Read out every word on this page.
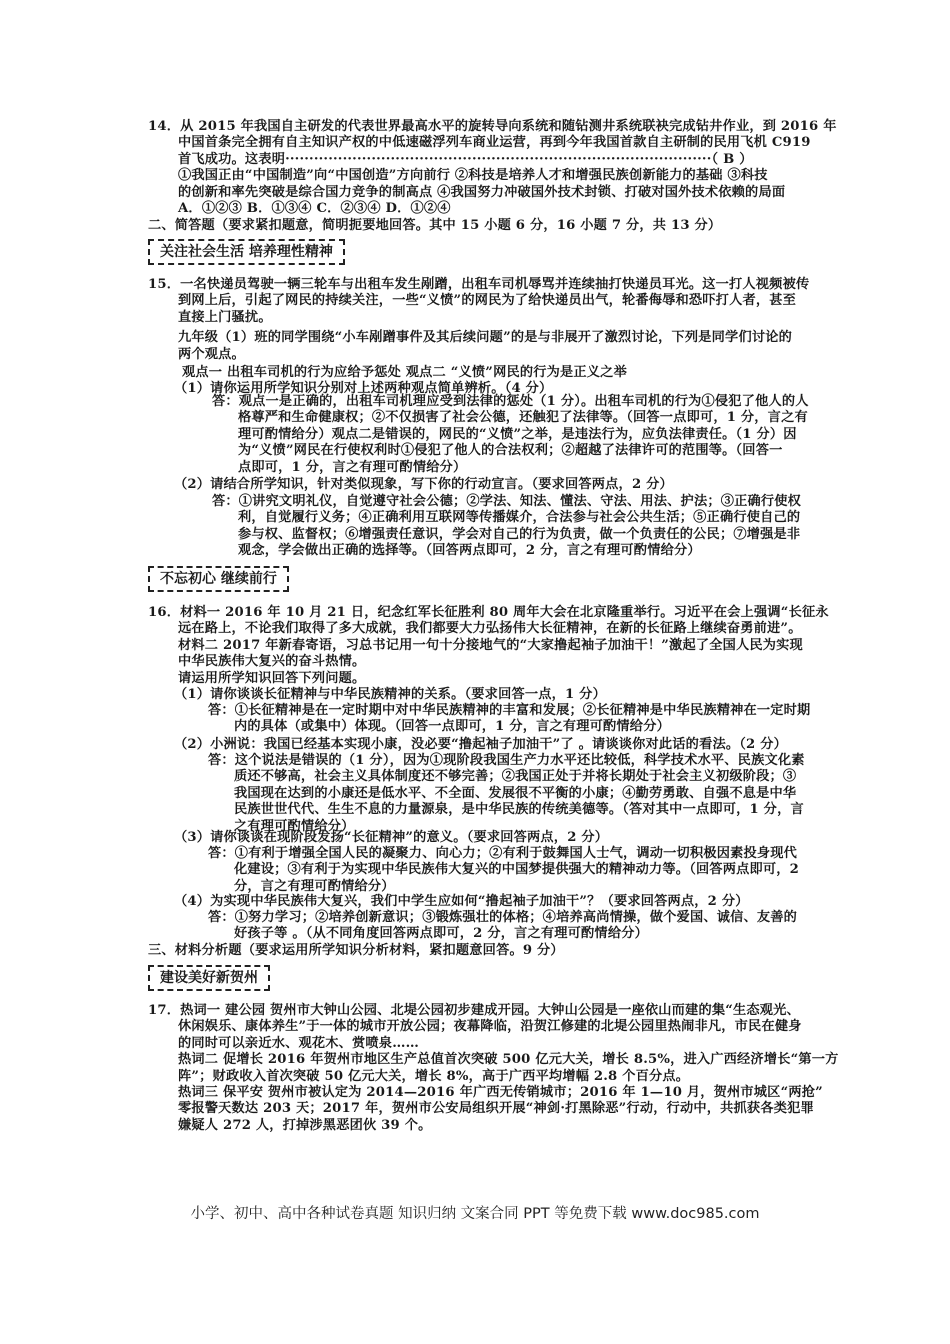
14．从 2015 年我国自主研发的代表世界最高水平的旋转导向系统和随钻测井系统联袂完成钻井作业，到 2016 年
中国首条完全拥有自主知识产权的中低速磁浮列车商业运营，再到今年我国首款自主研制的民用飞机 C919
首飞成功。这表明·························································································（ B ）
①我国正由“中国制造”向“中国创造”方向前行 ②科技是培养人才和增强民族创新能力的基础 ③科技
的创新和率先突破是综合国力竞争的制高点 ④我国努力冲破国外技术封锁、打破对国外技术依赖的局面
A．①②③ B．①③④ C．②③④ D．①②④
二、简答题（要求紧扣题意，简明扼要地回答。其中 15 小题 6 分，16 小题 7 分，共 13 分）
关注社会生活 培养理性精神
15．一名快递员驾驶一辆三轮车与出租车发生剐蹭，出租车司机辱骂并连续抽打快递员耳光。这一打人视频被传
到网上后，引起了网民的持续关注，一些“义愤”的网民为了给快递员出气，轮番侮辱和恐吓打人者，甚至
直接上门骚扰。
九年级（1）班的同学围绕“小车剐蹭事件及其后续问题”的是与非展开了激烈讨论，下列是同学们讨论的
两个观点。
观点一 出租车司机的行为应给予惩处 观点二 “义愤”网民的行为是正义之举
（1）请你运用所学知识分别对上述两种观点简单辨析。（4 分）
答：观点一是正确的，出租车司机理应受到法律的惩处（1 分）。出租车司机的行为①侵犯了他人的人
格尊严和生命健康权；②不仅损害了社会公德，还触犯了法律等。（回答一点即可，1 分，言之有
理可酌情给分）观点二是错误的，网民的“义愤”之举，是违法行为，应负法律责任。（1 分）因
为“义愤”网民在行使权利时①侵犯了他人的合法权利；②超越了法律许可的范围等。（回答一
点即可，1 分，言之有理可酌情给分）
（2）请结合所学知识，针对类似现象，写下你的行动宣言。（要求回答两点，2 分）
答：①讲究文明礼仪，自觉遵守社会公德；②学法、知法、懂法、守法、用法、护法；③正确行使权
利，自觉履行义务；④正确利用互联网等传播媒介，合法参与社会公共生活；⑤正确行使自己的
参与权、监督权；⑥增强责任意识，学会对自己的行为负责，做一个负责任的公民；⑦增强是非
观念，学会做出正确的选择等。（回答两点即可，2 分，言之有理可酌情给分）
不忘初心 继续前行
16．材料一 2016 年 10 月 21 日，纪念红军长征胜利 80 周年大会在北京隆重举行。习近平在会上强调“长征永
远在路上，不论我们取得了多大成就，我们都要大力弘扬伟大长征精神，在新的长征路上继续奋勇前进”。
材料二 2017 年新春寄语，习总书记用一句十分接地气的“大家撸起袖子加油干！”激起了全国人民为实现
中华民族伟大复兴的奋斗热情。
请运用所学知识回答下列问题。
（1）请你谈谈长征精神与中华民族精神的关系。（要求回答一点，1 分）
答：①长征精神是在一定时期中对中华民族精神的丰富和发展；②长征精神是中华民族精神在一定时期
内的具体（或集中）体现。（回答一点即可，1 分，言之有理可酌情给分）
（2）小洲说：我国已经基本实现小康，没必要“撸起袖子加油干”了 。请谈谈你对此话的看法。（2 分）
答：这个说法是错误的（1 分），因为①现阶段我国生产力水平还比较低，科学技术水平、民族文化素
质还不够高，社会主义具体制度还不够完善；②我国正处于并将长期处于社会主义初级阶段；③
我国现在达到的小康还是低水平、不全面、发展很不平衡的小康；④勤劳勇敢、自强不息是中华
民族世世代代、生生不息的力量源泉，是中华民族的传统美德等。（答对其中一点即可，1 分，言
之有理可酌情给分）
（3）请你谈谈在现阶段发扬“长征精神”的意义。（要求回答两点，2 分）
答：①有利于增强全国人民的凝聚力、向心力；②有利于鼓舞国人士气，调动一切积极因素投身现代
化建设；③有利于为实现中华民族伟大复兴的中国梦提供强大的精神动力等。（回答两点即可，2
分，言之有理可酌情给分）
（4）为实现中华民族伟大复兴，我们中学生应如何“撸起袖子加油干”？（要求回答两点，2 分）
答：①努力学习；②培养创新意识；③锻炼强壮的体格；④培养高尚情操，做个爱国、诚信、友善的
好孩子等 。（从不同角度回答两点即可，2 分，言之有理可酌情给分）
三、材料分析题（要求运用所学知识分析材料，紧扣题意回答。9 分）
建设美好新贺州
17．热词一 建公园 贺州市大钟山公园、北堤公园初步建成开园。大钟山公园是一座依山而建的集“生态观光、
休闲娱乐、康体养生”于一体的城市开放公园；夜幕降临，沿贺江修建的北堤公园里热闹非凡，市民在健身
的同时可以亲近水、观花木、赏喷泉……
热词二 促增长 2016 年贺州市地区生产总值首次突破 500 亿元大关，增长 8.5%，进入广西经济增长“第一方
阵”；财政收入首次突破 50 亿元大关，增长 8%，高于广西平均增幅 2.8 个百分点。
热词三 保平安 贺州市被认定为 2014—2016 年广西无传销城市；2016 年 1—10 月，贺州市城区“两抢”
零报警天数达 203 天；2017 年，贺州市公安局组织开展“神剑·打黑除恶”行动，行动中，共抓获各类犯罪
嫌疑人 272 人，打掉涉黑恶团伙 39 个。
小学、初中、高中各种试卷真题 知识归纳 文案合同 PPT 等免费下载 www.doc985.com
